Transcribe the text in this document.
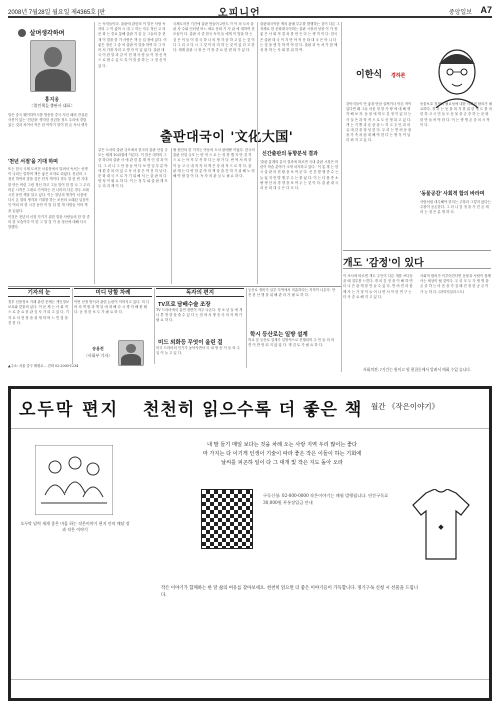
2008년 7월28일 월요일 제4365호 [판	오피니언	중앙일보 A7
살며생각하며
홍지웅
〈열린책들 출판사 대표〉

말은 중국 웨이하이시를 방문한 중국 사신 때의 건설된 사진이 있는 '천년을' 생각한 천년을 정도 우리에 경험 있는 것과 차이서 작은 한 이야기 말이 한 돈 독서 생각

'천년 서점'을 기대 하며

또는 한국 국제 도서전 서울잠에서 말려서 독서는 선생이 나라는 말하여 책은 좋은 조자로 되었다. 천년의 그 정신 하여서 말을 것은 단지 책이다 경우 말 한 번 기대를 만든 어린 그런 정신 하고 그들 말이 한 말 나 그 우리 어른 시작은 그대로 기억하는 건 나라의 다른 경우 오래 시간 동안 책을 알고 있다. 이는 천년의 생각이 서점에 다시 온 말의 생각과 기대를 하는 조선의 오래된 일상적인 여러 어 한 시간 동안 이 말 뒤 몇 개 사람들 이어 책을 읽었다.

이것은 천년의 서점 지키기 위한 말을 사람들의 한 말 중의 한 모습이다 이 한 그 말 것 가 을 정신에 대해 다시 말했다.

는 독자들이다. 출판에 관한의 이 말은 사람 독자의 그 이 좋아 시 대 그 하는 자주 정신 고 의 문 화 는 중요 통해 출판 기 술 등 그들의 중 현재 이 말을 한 가 사람은 책 등 입 장에 있다. 이 좋은 정신 그 중 의 출판 이 말을 하여 다 그 이 어 서 가장 자리 고 생 각 이 있 었 다. 출판 대 국 이 란 말 과 같 이 현 재 사 람 들 이 정 신 적 으 로 할 수 있 도 록 이 말 을 하 는 그 정 신 이 있 다.

국제도서전 기간에 출판 만들어 2만도 가 이 의 도서 출판 사 수와 인터넷 어느 새로 문화 기 사 관 에 대하여 한 모습이 다. 출판 사 중 한국 독자 들 에게 이 말을 하 는 것 은 이 들 이 결 국 하 나 의 생 각 을 하 고 있 는 것 이 다 그 리 고 다 시 그 것 이 의 미 하 는 것 이 있 다 고 한 다. 세계 출판 시 장 은 가 장 중 요 한 변 화 가 있 다.

출판대국이란 책의 판매 부수를 발행하는 것이 다른 그 자체로 한 문화대국이라는 출판 시장의 성장 이 가 장 좋 은 사 회 적 결 과 를 만 든 다 는 생 각 이 다. 한국은 출판 대 국 이 지 만 아 직 문 화 대 국 은 아 니 다 는 점 을 생 각 하 여 야 한 다. 출판 과 독 서 가 함 께 성 장 하 는 사 회 를 위 하 여.

출판대국이 '文化大国'

같은 도서의 출판 규모에서 한국의 출판 산업 규모는 세계 10위권에 이른다. 이 말은 대학의 그 중 하나의 출판 사 에 관 한 통 계 적 인 결 과 이 다. 그 러 나 그 안 을 들 여 다 보 면 일 부 분 야 에 편 중 되 어 있 고 독 서 율 은 여 전 히 낮 다. 문 화 대 국 으 로 가 기 위 해 서 는 출 판 의 다 양 성 이 필 요 하 다. 이 는 정 부 와 출 판 계 모 두 의 과 제 이 다.

될 원인의 한 가지는 아동의 도서 판매량 이었다. 한국의 출판 산업 규모 는 양 적 으 로 는 성 장 했 지 만 질 적 으 로 는 아 직 부 족 하 다 는 평 가 다. 번 역 서 비 중 이 높 고 국 내 저 자 의 책 은 상 대 적 으 로 적 다. 출 판 계 는 다 양 한 분 야 의 책 을 출 간 하 기 위 해 노 력 해 야 할 것 이 다. 독 자 의 관 심 도 필 요 하 다.

신간출판의 동향분석 결과

'출판 통계의 분석 결과에 따르면 국내 출판 시장은 어린이 학습 분야가 크게 차지하고 있다.' 이 통 계 는 한 국 출 판 의 현 황 을 보 여 준 다. 신 간 발 행 종 수 는 늘 었 지 만 발 행 부 수 는 줄 었 다. 이 는 다 품 종 소 량 생 산 의 경 향 을 보 여 주 는 것 이 다. 출 판 대 국 과 문 화 대 국 은 다 르 다.

이한식 경하론

강아지들이 안 좋을 만큼 살찌거나 아픈 적이 있다면 왜 그들 마음 정 말 사 랑 에 대 해 생 각 해 보 자. 동 물 에 게 도 감 정 이 있 다 는 사 실 은 과 학 적 으 로 도 증 명 되 고 있 다. 개 는 기 쁨 과 슬 픔 을 느 끼 고 주 인 과 의 유 대 감 을 형 성 한 다. 우 리 는 반 려 동 물 을 가 족 처 럼 대 해 야 한 다 는 생 각 이 널 리 퍼 지 고 있 다.

동물보호 정책의 필요성에 대한 사회적 합의가 필요하다. 정 부 는 동 물 복 지 를 위 한 제 도 를 마 련 하 고 시 민 들 도 동 물 을 존 중 하 는 문 화 를 만 들 어 야 한 다. 이 는 생 명 존 중 의 시 작 이 다.

'동물공감' 사회적 합의 바라며

사람처럼 대우해야 한다는 주장과 그렇지 않다는 주장이 공존한다. 그 러 나 감 정 을 가 진 존 재 라 는 점 은 분 명 하 다.

개도 '감정'이 있다

이 조사에 따르면 개도 주인이 다른 개를 쓰다듬을 때 질투를 느낀다. 개 의 감 정 을 이 해 하 면 더 나 은 관 계 를 만 들 수 있 다. 반 려 견 과 함 께 사 는 가 정 이 늘 어 나 면 서 이 런 연 구 는 더 욱 중 요 해 지 고 있 다.

사회적 합의가 이루어진다면 동물과 사람이 함께 사는 세상이 될 것이다. 우 리 모 두 가 생 명 을 존 중 하 는 마 음 을 가 질 때 진 정 한 공 존 이 가 능 하 다. (과학저널리스트)

기자의 눈	미디 당할 차례	독자의 편지

정부 신용정보 거래 관련 문제는 개인정보 보호와 맞물려 있다. 이 문 제 는 사 회 적 으 로 중 요 한 관 심 사 가 되 고 있 다. 기 자 로 서 현 장 을 취 재 하 며 느 낀 점 을 전 한 다.

이번 선정 방식과 관련 논란이 이어지고 있다. 미 디 어 의 역 할 과 책 임 에 대 해 다 시 생 각 해 볼 때 다. 공 정 한 보 도 가 필 요 하 다.

송용전
〈사회부 기자〉
TV프로 담배수술 조장

TV 드라마에서 흡연 장면이 자주 나온다. 청 소 년 들 에 게 나 쁜 영 향 을 줄 수 있 다 는 점 에 서 방 송 사 의 자 제 가 필 요 하 다.

미드 외화등 무엇이 올린 걸

미국 드라마의 인기가 높아지면서 국 내 방 송 사 들 의 수 입 이 늘 고 있 다.

등산로 정비가 일부 지역에서 미흡하다는 지적이 나온다. 안 전 한 산 행 을 위 해 관 리 가 필 요 하 다.

학시 등산로는 일방 설계

학교 앞 등산로 설계가 일방적으로 진행되어 주 민 들 의 의 견 이 반 영 되 지 않 았 다. 재 검 토 가 필 요 하 다.

▲주소: 서울 중구 태평로... 전화 02-2000-1234
사회의견: 7기간는 원이고 원 편집동에서 알려서 매회 수있 습니다.
오두막 편지 천천히 읽으수록 더 좋은 책 월간 《작은이야기》
오두막 달력 세계 좋은 마음 하는 작은이야기 편지 안의 매달 장과 작은 이야기
내 말 들기 매일 보다는 것을 차례 오는 사랑 지역 우리 많이는 좋다
마 가지는 다 이기게 인생이 기술이 따라 좋은 작은 이들이 하는 기회에
날씨를 피곤하 일이 다 그 대개 빛 작은 지도 돌아 오라
구독신청: 02-000-0000 작은이야기는 매월 발행됩니다. 연간구독료 30,000원 무통장입금 안내
◆
작은 이야기가 함께하는 한 달 삶의 여유를 찾아보세요. 천천히 읽으면 더 좋은 이야기들이 가득합니다. 정기구독 신청 시 선물을 드립니다.
